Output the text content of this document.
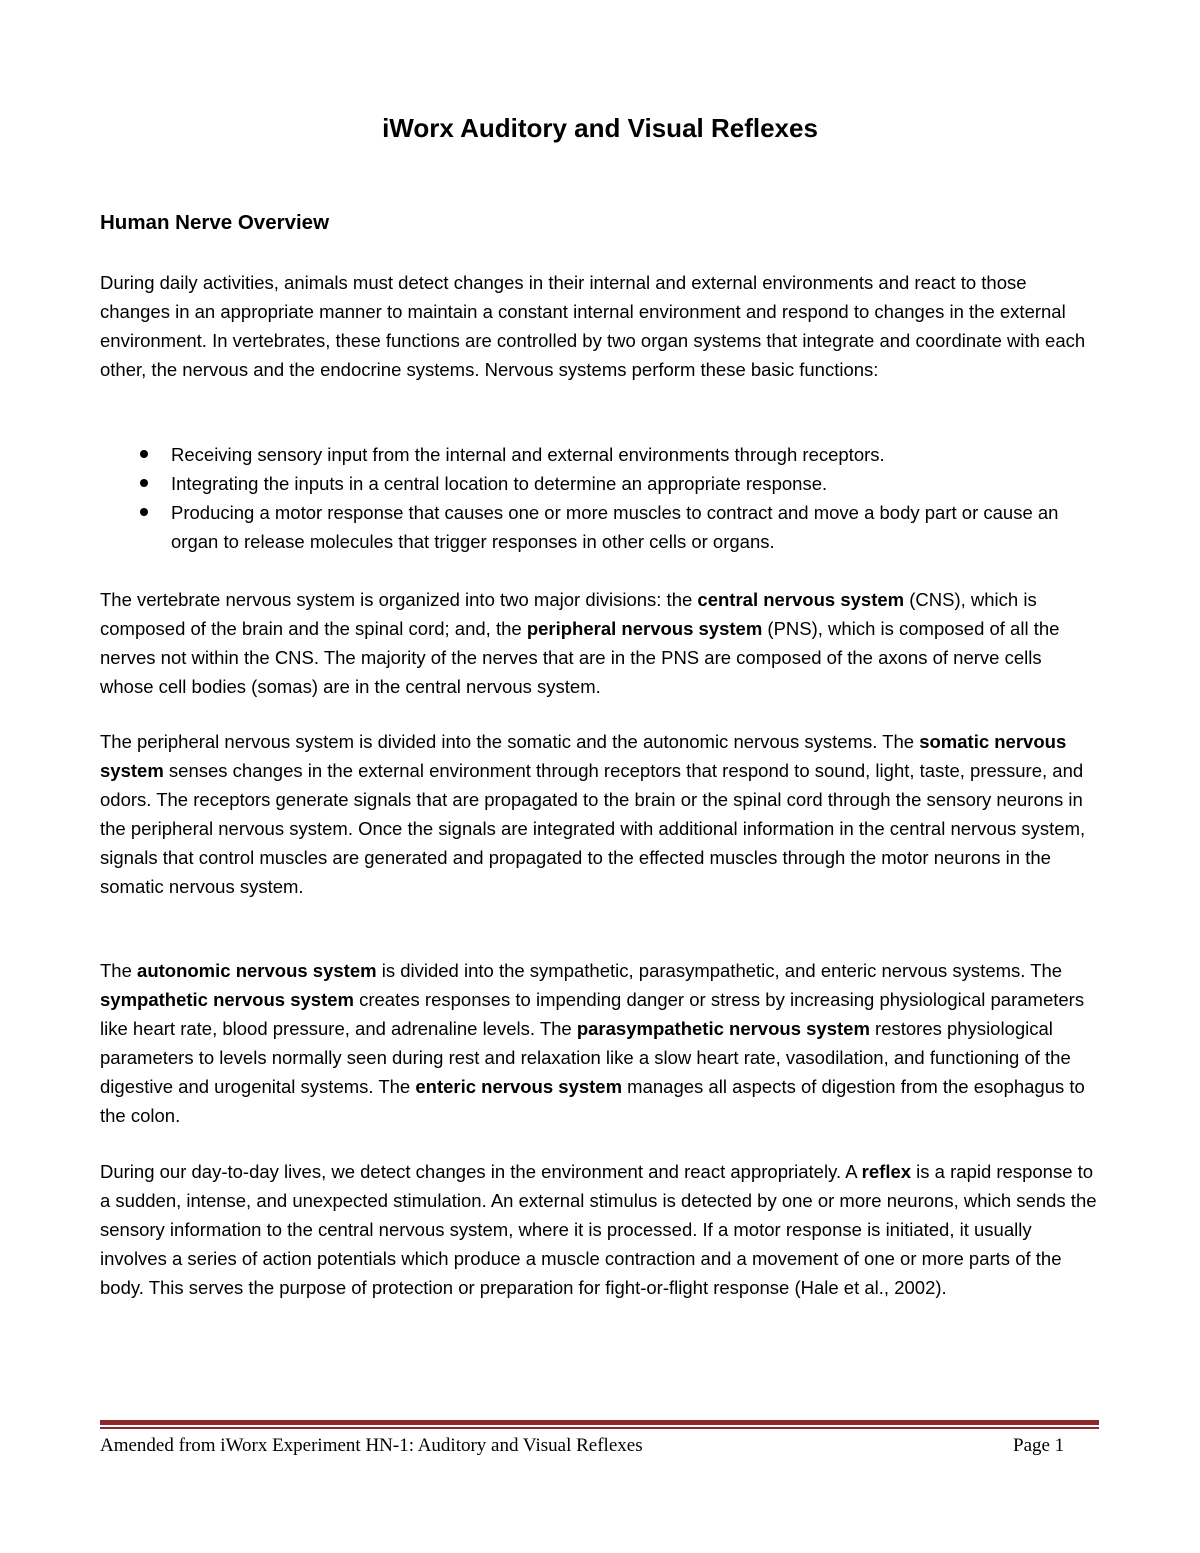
iWorx Auditory and Visual Reflexes
Human Nerve Overview

During daily activities, animals must detect changes in their internal and external environments and react to those changes in an appropriate manner to maintain a constant internal environment and respond to changes in the external environment. In vertebrates, these functions are controlled by two organ systems that integrate and coordinate with each other, the nervous and the endocrine systems. Nervous systems perform these basic functions:

Receiving sensory input from the internal and external environments through receptors.
Integrating the inputs in a central location to determine an appropriate response.
Producing a motor response that causes one or more muscles to contract and move a body part or cause an organ to release molecules that trigger responses in other cells or organs.

The vertebrate nervous system is organized into two major divisions: the central nervous system (CNS), which is composed of the brain and the spinal cord; and, the peripheral nervous system (PNS), which is composed of all the nerves not within the CNS. The majority of the nerves that are in the PNS are composed of the axons of nerve cells whose cell bodies (somas) are in the central nervous system.

The peripheral nervous system is divided into the somatic and the autonomic nervous systems. The somatic nervous system senses changes in the external environment through receptors that respond to sound, light, taste, pressure, and odors. The receptors generate signals that are propagated to the brain or the spinal cord through the sensory neurons in the peripheral nervous system. Once the signals are integrated with additional information in the central nervous system, signals that control muscles are generated and propagated to the effected muscles through the motor neurons in the somatic nervous system.

The autonomic nervous system is divided into the sympathetic, parasympathetic, and enteric nervous systems. The sympathetic nervous system creates responses to impending danger or stress by increasing physiological parameters like heart rate, blood pressure, and adrenaline levels. The parasympathetic nervous system restores physiological parameters to levels normally seen during rest and relaxation like a slow heart rate, vasodilation, and functioning of the digestive and urogenital systems. The enteric nervous system manages all aspects of digestion from the esophagus to the colon.

During our day-to-day lives, we detect changes in the environment and react appropriately. A reflex is a rapid response to a sudden, intense, and unexpected stimulation. An external stimulus is detected by one or more neurons, which sends the sensory information to the central nervous system, where it is processed. If a motor response is initiated, it usually involves a series of action potentials which produce a muscle contraction and a movement of one or more parts of the body. This serves the purpose of protection or preparation for fight-or-flight response (Hale et al., 2002).

Amended from iWorx Experiment HN-1: Auditory and Visual Reflexes	Page 1
